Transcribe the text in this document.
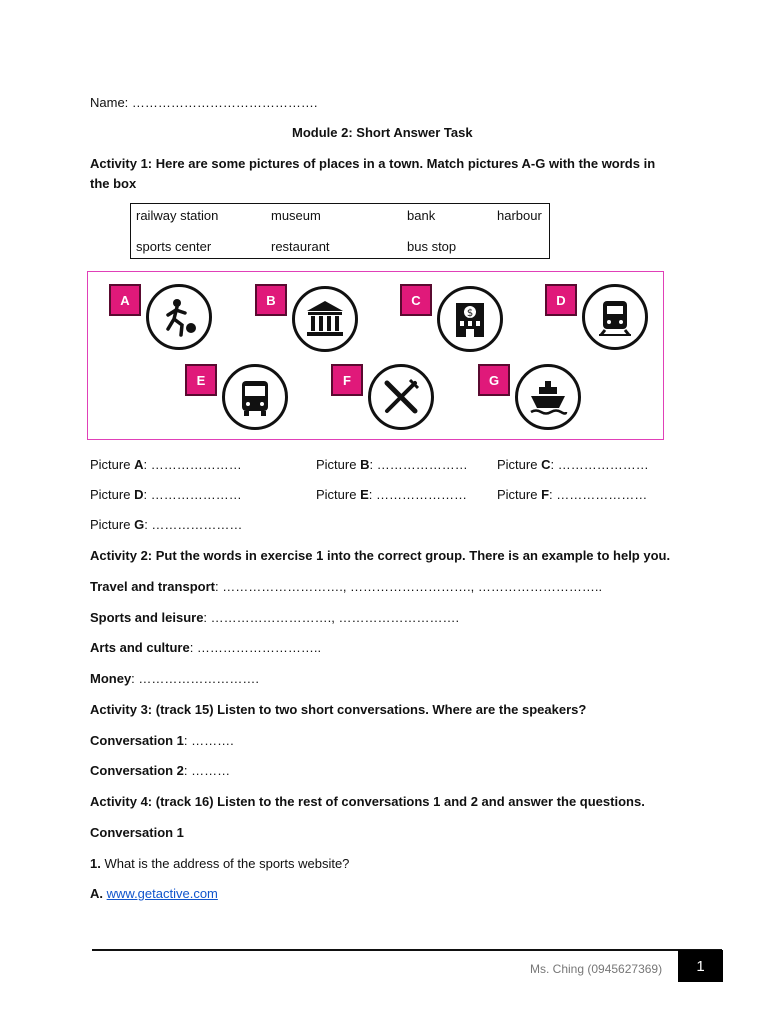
Name: …………………………………….
Module 2: Short Answer Task
Activity 1: Here are some pictures of places in a town. Match pictures A-G with the words in
the box
railway station	museum	bank	harbour
sports center	restaurant	bus stop
A	B	C
$
D
E	F	G
Picture A: …………………	Picture B: ………………… Picture C: …………………
Picture D: …………………	Picture E: ………………… Picture F: …………………
Picture G: …………………
Activity 2: Put the words in exercise 1 into the correct group. There is an example to help you.
Travel and transport: ………………………., ………………………., ………………………..
Sports and leisure: ………………………., ……………………….
Arts and culture: ………………………..
Money: ……………………….
Activity 3: (track 15) Listen to two short conversations. Where are the speakers?
Conversation 1: ……….
Conversation 2: ………
Activity 4: (track 16) Listen to the rest of conversations 1 and 2 and answer the questions.
Conversation 1
1. What is the address of the sports website?
A. www.getactive.com
Ms. Ching (0945627369)	1
